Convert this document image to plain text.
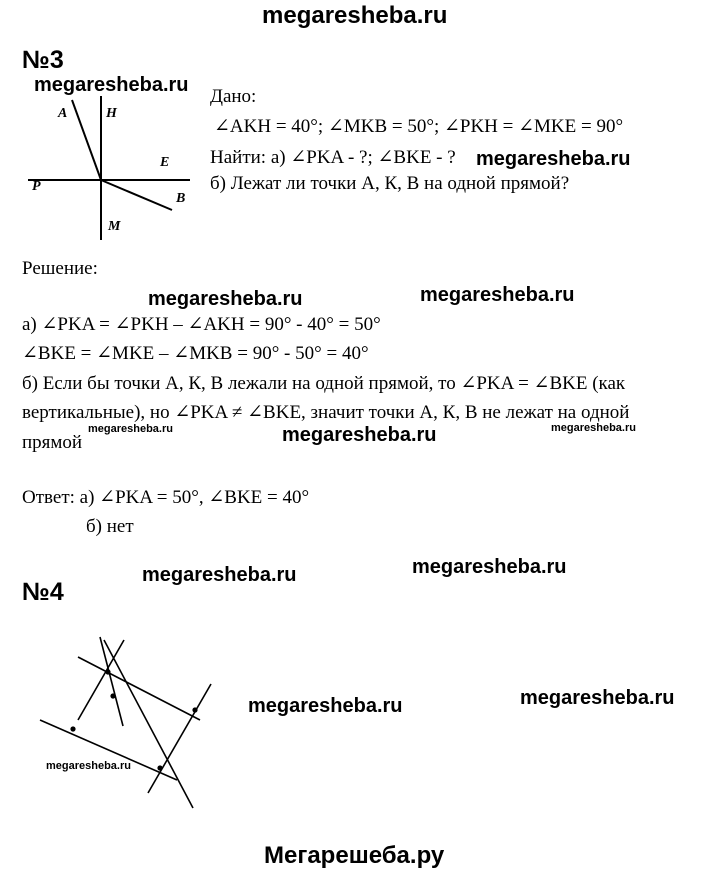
megaresheba.ru
№3
megaresheba.ru
A	H
E
P
B
M
Дано:
∠AKH = 40°; ∠MKB = 50°; ∠PKH = ∠MKE = 90°
Найти: а) ∠PKA - ?; ∠BKE - ? megaresheba.ru
б) Лежат ли точки А, К, В на одной прямой?
Решение:
megaresheba.ru	megaresheba.ru
а) ∠PKA = ∠PKH – ∠AKH = 90° - 40° = 50°
∠BKE = ∠MKE – ∠MKB = 90° - 50° = 40°
б) Если бы точки А, К, В лежали на одной прямой, то ∠PKA = ∠BKE (как
вертикальные), но ∠PKA ≠ ∠BKE, значит точки А, К, В не лежат на одной
прямой
megaresheba.ru	megaresheba.ru	megaresheba.ru
Ответ: а) ∠PKA = 50°, ∠BKE = 40°
б) нет
megaresheba.ru	megaresheba.ru
№4
megaresheba.ru	megaresheba.ru
megaresheba.ru
Мегарешеба.ру
